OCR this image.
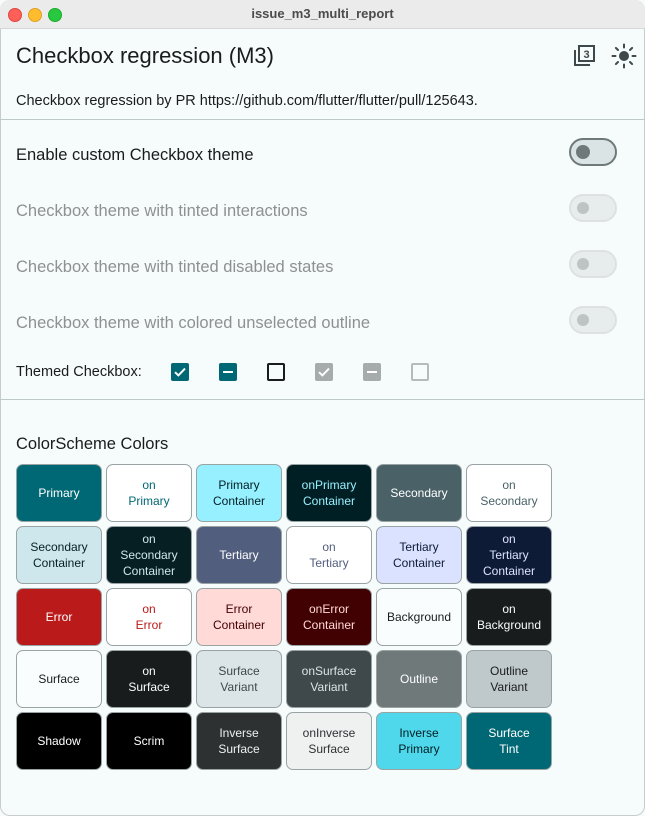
issue_m3_multi_report
Checkbox regression (M3)	3
Checkbox regression by PR https://github.com/flutter/flutter/pull/125643.
Enable custom Checkbox theme
Checkbox theme with tinted interactions
Checkbox theme with tinted disabled states
Checkbox theme with colored unselected outline
Themed Checkbox:
ColorScheme Colors
Primary
on
Primary
Primary
Container
onPrimary
Container
Secondary
on
Secondary
Secondary
Container
on
Secondary
Container
Tertiary
on
Tertiary
Tertiary
Container
on
Tertiary
Container
Error
on
Error
Error
Container
onError
Container
Background
on
Background
Surface
on
Surface
Surface
Variant
onSurface
Variant
Outline
Outline
Variant
Shadow	Scrim
Inverse
Surface
onInverse
Surface
Inverse
Primary
Surface
Tint
